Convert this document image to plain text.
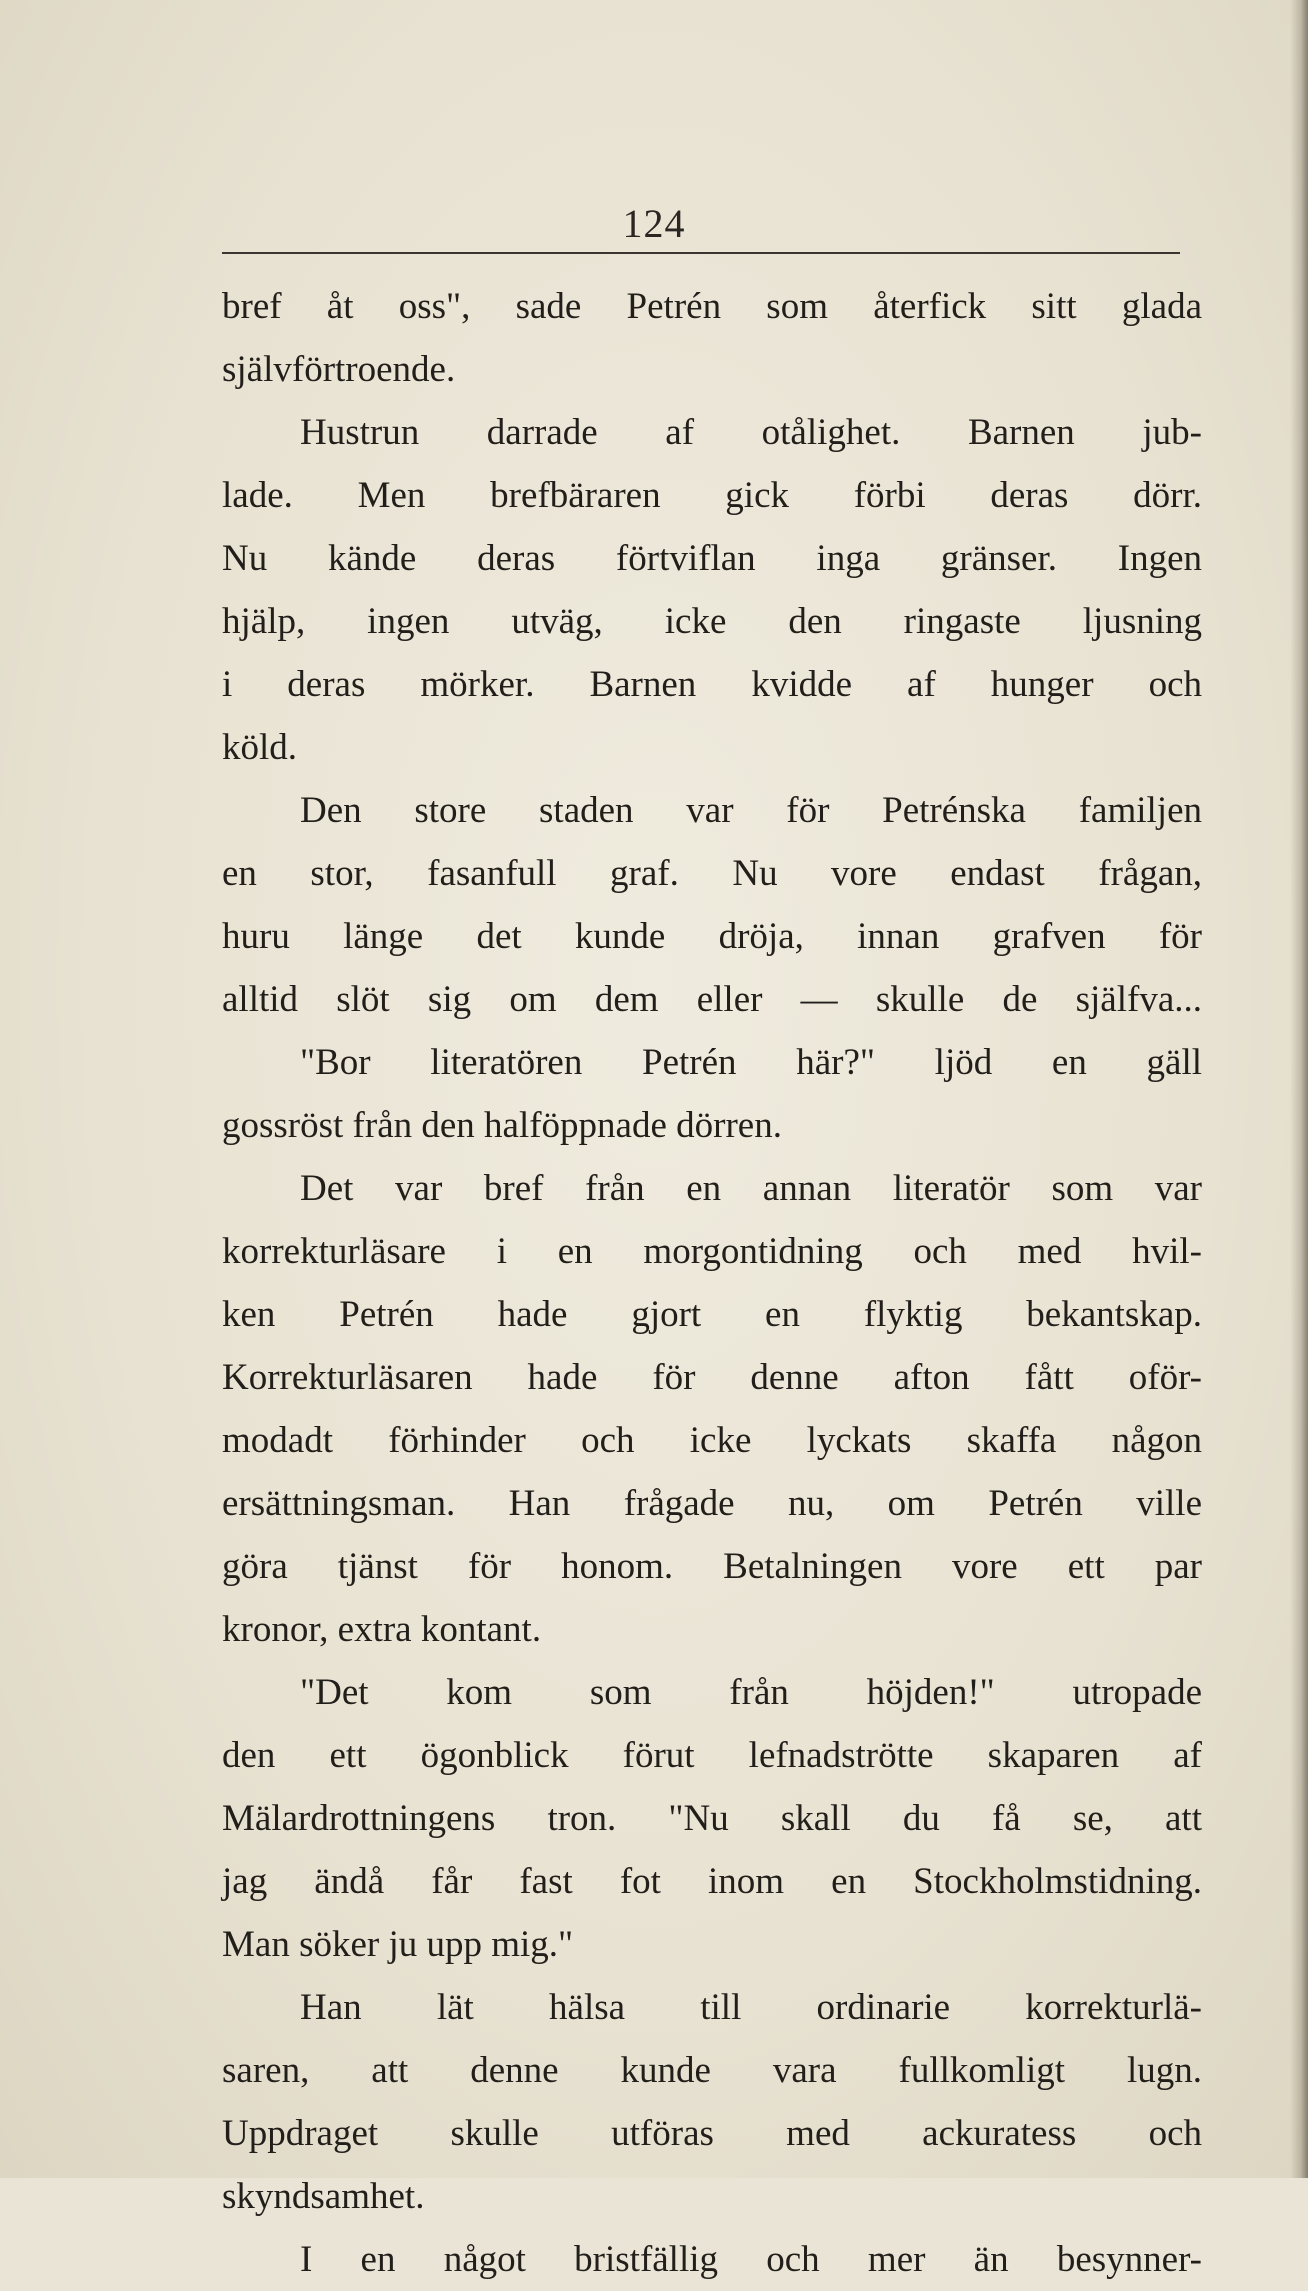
124
bref åt oss", sade Petrén som återfick sitt glada
självförtroende.
Hustrun darrade af otålighet. Barnen jub-
lade. Men brefbäraren gick förbi deras dörr.
Nu kände deras förtviflan inga gränser. Ingen
hjälp, ingen utväg, icke den ringaste ljusning
i deras mörker. Barnen kvidde af hunger och
köld.
Den store staden var för Petrénska familjen
en stor, fasanfull graf. Nu vore endast frågan,
huru länge det kunde dröja, innan grafven för
alltid slöt sig om dem eller — skulle de själfva...
"Bor literatören Petrén här?" ljöd en gäll
gossröst från den halföppnade dörren.
Det var bref från en annan literatör som var
korrekturläsare i en morgontidning och med hvil-
ken Petrén hade gjort en flyktig bekantskap.
Korrekturläsaren hade för denne afton fått oför-
modadt förhinder och icke lyckats skaffa någon
ersättningsman. Han frågade nu, om Petrén ville
göra tjänst för honom. Betalningen vore ett par
kronor, extra kontant.
"Det kom som från höjden!" utropade
den ett ögonblick förut lefnadströtte skaparen af
Mälardrottningens tron. "Nu skall du få se, att
jag ändå får fast fot inom en Stockholmstidning.
Man söker ju upp mig."
Han lät hälsa till ordinarie korrekturlä-
saren, att denne kunde vara fullkomligt lugn.
Uppdraget skulle utföras med ackuratess och
skyndsamhet.
I en något bristfällig och mer än besynner-
